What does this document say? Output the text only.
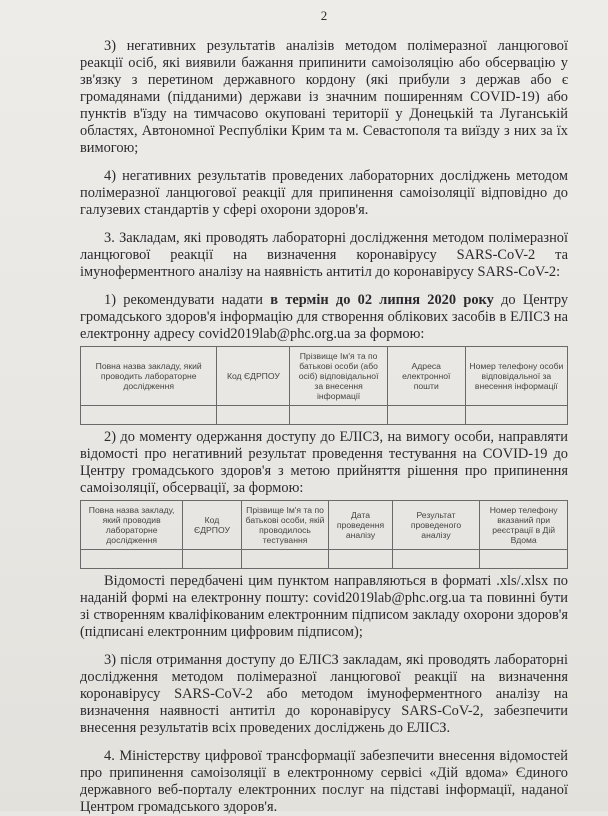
2

3) негативних результатів аналізів методом полімеразної ланцюгової реакції осіб, які виявили бажання припинити самоізоляцію або обсервацію у зв'язку з перетином державного кордону (які прибули з держав або є громадянами (підданими) держави із значним поширенням COVID-19) або пунктів в'їзду на тимчасово окуповані території у Донецькій та Луганській областях, Автономної Республіки Крим та м. Севастополя та виїзду з них за їх вимогою;

4) негативних результатів проведених лабораторних досліджень методом полімеразної ланцюгової реакції для припинення самоізоляції відповідно до галузевих стандартів у сфері охорони здоров'я.

3. Закладам, які проводять лабораторні дослідження методом полімеразної ланцюгової реакції на визначення коронавірусу SARS-CoV-2 та імуноферментного аналізу на наявність антитіл до коронавірусу SARS-CoV-2:

1) рекомендувати надати в термін до 02 липня 2020 року до Центру громадського здоров'я інформацію для створення облікових засобів в ЕЛІСЗ на електронну адресу covid2019lab@phc.org.ua за формою:

Повна назва закладу, який проводить лабораторне дослідження	Код ЄДРПОУ	Прізвище Ім'я та по батькові особи (або осіб) відповідальної за внесення інформації	Адреса електронної пошти	Номер телефону особи відповідальної за внесення інформації

2) до моменту одержання доступу до ЕЛІСЗ, на вимогу особи, направляти відомості про негативний результат проведення тестування на COVID-19 до Центру громадського здоров'я з метою прийняття рішення про припинення самоізоляції, обсервації, за формою:

Повна назва закладу, який проводив лабораторне дослідження	Код ЄДРПОУ	Прізвище Ім'я та по батькові особи, якій проводилось тестування	Дата проведення аналізу	Результат проведеного аналізу	Номер телефону вказаний при реєстрації в Дій Вдома

Відомості передбачені цим пунктом направляються в форматі .xls/.xlsx по наданій формі на електронну пошту: covid2019lab@phc.org.ua та повинні бути зі створенням кваліфікованим електронним підписом закладу охорони здоров'я (підписані електронним цифровим підписом);

3) після отримання доступу до ЕЛІСЗ закладам, які проводять лабораторні дослідження методом полімеразної ланцюгової реакції на визначення коронавірусу SARS-CoV-2 або методом імуноферментного аналізу на визначення наявності антитіл до коронавірусу SARS-CoV-2, забезпечити внесення результатів всіх проведених досліджень до ЕЛІСЗ.

4. Міністерству цифрової трансформації забезпечити внесення відомостей про припинення самоізоляції в електронному сервісі «Дій вдома» Єдиного державного веб-порталу електронних послуг на підставі інформації, наданої Центром громадського здоров'я.
